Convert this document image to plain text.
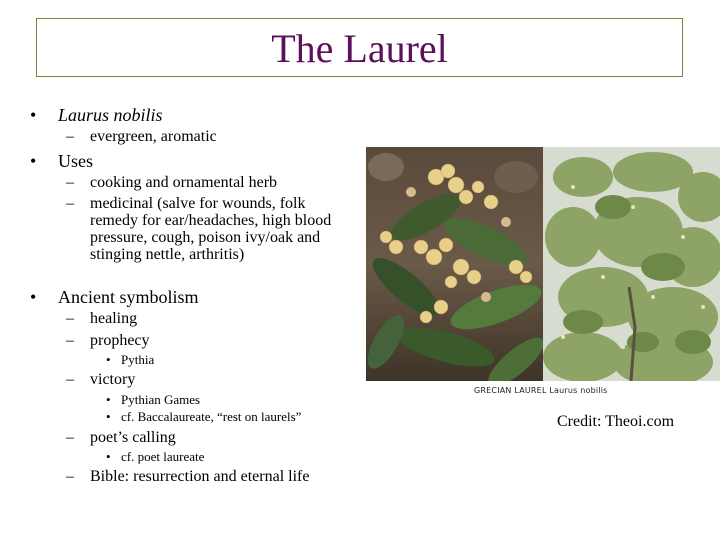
The Laurel
• Laurus nobilis
– evergreen, aromatic
• Uses
– cooking and ornamental herb
– medicinal (salve for wounds, folk remedy for ear/headaches, high blood pressure, cough, poison ivy/oak and stinging nettle, arthritis)
• Ancient symbolism
– healing
– prophecy
• Pythia
– victory
• Pythian Games
• cf. Baccalaureate, “rest on laurels”
– poet’s calling
• cf. poet laureate
– Bible: resurrection and eternal life
GRECIAN LAUREL Laurus nobilis
Credit: Theoi.com
